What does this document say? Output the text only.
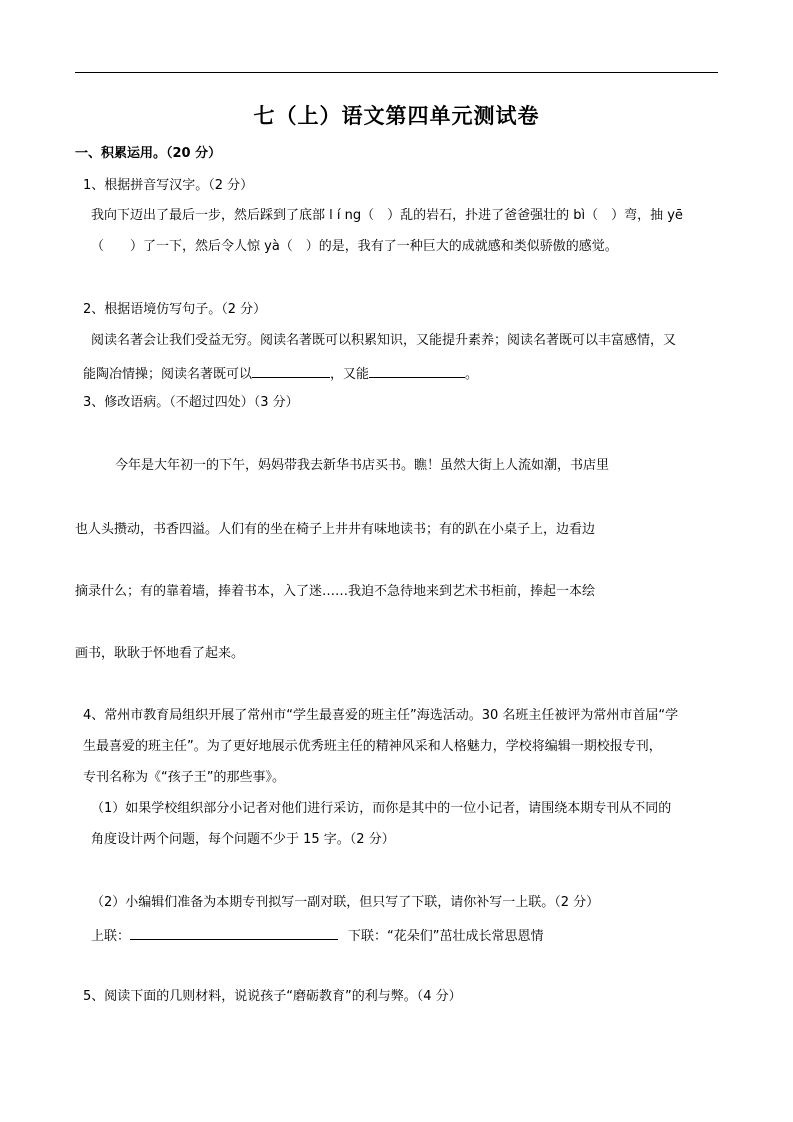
七（上）语文第四单元测试卷
一、积累运用。（20 分）
1、根据拼音写汉字。（2 分）
我向下迈出了最后一步，然后踩到了底部 l í ng（　）乱的岩石，扑进了爸爸强壮的 bì（　）弯，抽 yē
（　　）了一下，然后令人惊 yà（　）的是，我有了一种巨大的成就感和类似骄傲的感觉。
2、根据语境仿写句子。（2 分）
阅读名著会让我们受益无穷。阅读名著既可以积累知识，又能提升素养；阅读名著既可以丰富感情，又
能陶冶情操；阅读名著既可以	，又能	。
3、修改语病。（不超过四处）（3 分）
今年是大年初一的下午，妈妈带我去新华书店买书。瞧！虽然大街上人流如潮，书店里
也人头攒动，书香四溢。人们有的坐在椅子上井井有味地读书；有的趴在小桌子上，边看边
摘录什么；有的靠着墙，捧着书本，入了迷……我迫不急待地来到艺术书柜前，捧起一本绘
画书，耿耿于怀地看了起来。
4、常州市教育局组织开展了常州市“学生最喜爱的班主任”海选活动。30 名班主任被评为常州市首届“学
生最喜爱的班主任”。为了更好地展示优秀班主任的精神风采和人格魅力，学校将编辑一期校报专刊，
专刊名称为《“孩子王”的那些事》。
（1）如果学校组织部分小记者对他们进行采访，而你是其中的一位小记者，请围绕本期专刊从不同的
角度设计两个问题，每个问题不少于 15 字。（2 分）
（2）小编辑们准备为本期专刊拟写一副对联，但只写了下联，请你补写一上联。（2 分）
上联：	下联：“花朵们”茁壮成长常思恩情
5、阅读下面的几则材料，说说孩子“磨砺教育”的利与弊。（4 分）
